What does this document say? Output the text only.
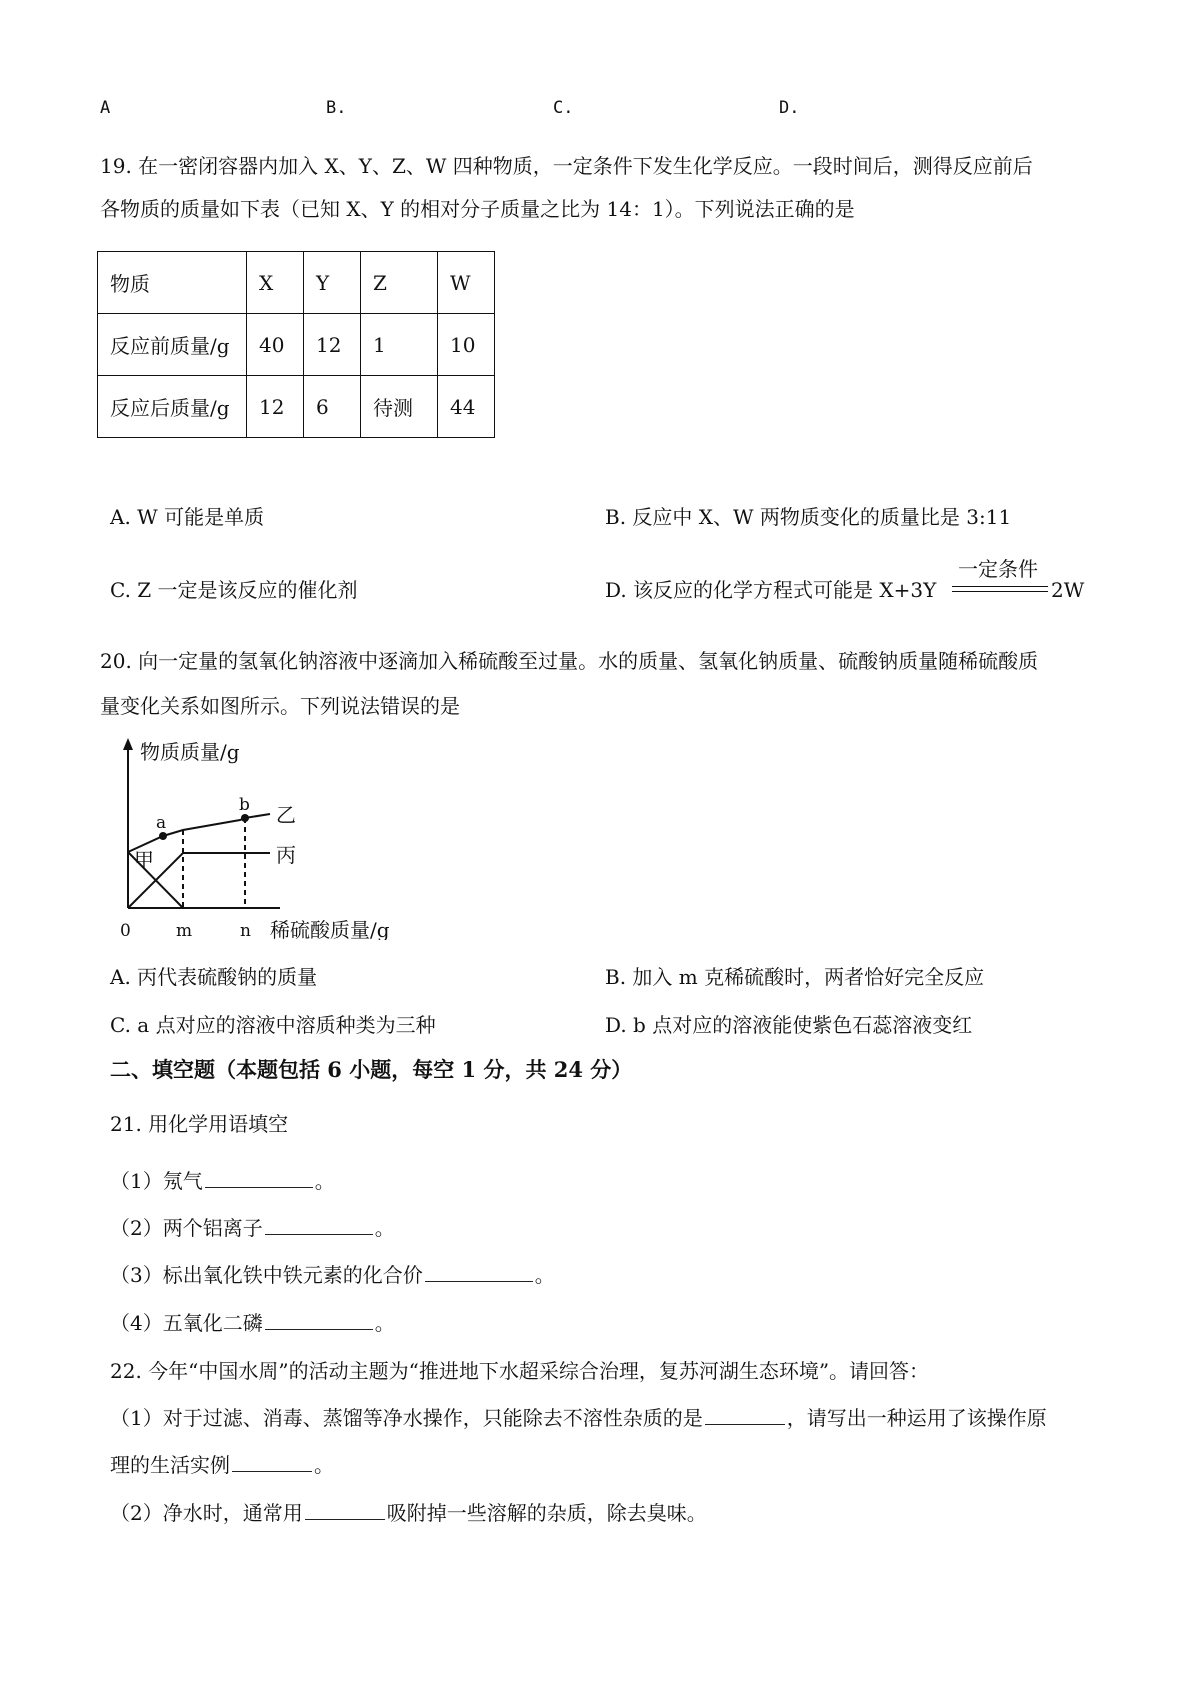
A	B.	C.	D.
19. 在一密闭容器内加入 X、Y、Z、W 四种物质，一定条件下发生化学反应。一段时间后，测得反应前后
各物质的质量如下表（已知 X、Y 的相对分子质量之比为 14：1）。下列说法正确的是
物质	X	Y	Z	W
反应前质量/g	40	12	1	10
反应后质量/g	12	6	待测	44
A. W 可能是单质	B. 反应中 X、W 两物质变化的质量比是 3:11
C. Z 一定是该反应的催化剂	D. 该反应的化学方程式可能是 X+3Y
一定条件
2W
20. 向一定量的氢氧化钠溶液中逐滴加入稀硫酸至过量。水的质量、氢氧化钠质量、硫酸钠质量随稀硫酸质
量变化关系如图所示。下列说法错误的是
物质质量/g
稀硫酸质量/g
0	m	n
a
b 乙
丙
甲
A. 丙代表硫酸钠的质量	B. 加入 m 克稀硫酸时，两者恰好完全反应
C. a 点对应的溶液中溶质种类为三种	D. b 点对应的溶液能使紫色石蕊溶液变红
二、填空题（本题包括 6 小题，每空 1 分，共 24 分）
21. 用化学用语填空
（1）氖气	。
（2）两个铝离子	。
（3）标出氧化铁中铁元素的化合价	。
（4）五氧化二磷	。
22. 今年“中国水周”的活动主题为“推进地下水超采综合治理，复苏河湖生态环境”。请回答：
（1）对于过滤、消毒、蒸馏等净水操作，只能除去不溶性杂质的是	，请写出一种运用了该操作原
理的生活实例	。
（2）净水时，通常用	吸附掉一些溶解的杂质，除去臭味。
